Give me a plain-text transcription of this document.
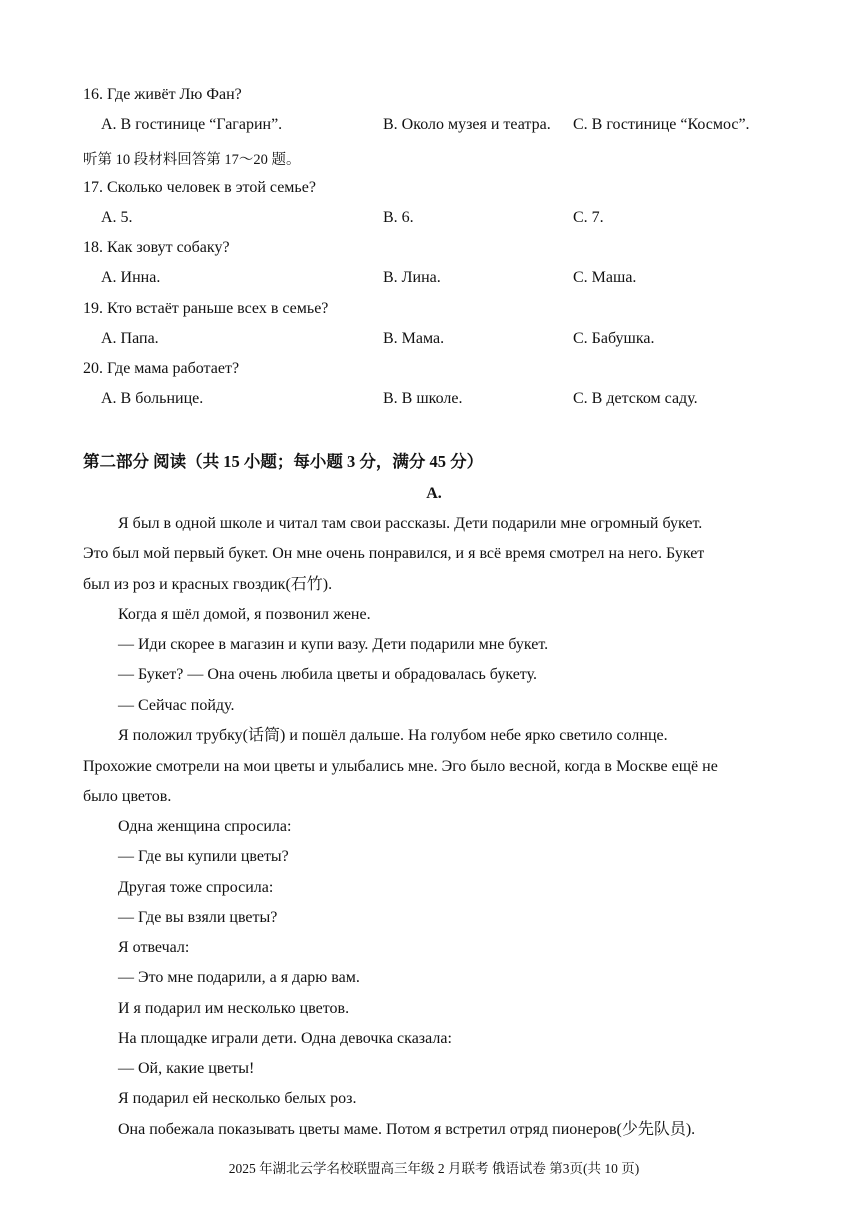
16. Где живёт Лю Фан?
A. В гостинице “Гагарин”.	B. Около музея и театра. C. В гостинице “Космос”.
听第 10 段材料回答第 17～20 题。
17. Сколько человек в этой семье?
A. 5.	B. 6.	C. 7.
18. Как зовут собаку?
A. Инна.	B. Лина.	C. Маша.
19. Кто встаёт раньше всех в семье?
A. Папа.	B. Мама.	C. Бабушка.
20. Где мама работает?
A. В больнице.	B. В школе.	C. В детском саду.
第二部分 阅读（共 15 小题；每小题 3 分，满分 45 分）
A.
Я был в одной школе и читал там свои рассказы. Дети подарили мне огромный букет.
Это был мой первый букет. Он мне очень понравился, и я всё время смотрел на него. Букет
был из роз и красных гвоздик(石竹).
Когда я шёл домой, я позвонил жене.
— Иди скорее в магазин и купи вазу. Дети подарили мне букет.
— Букет? — Она очень любила цветы и обрадовалась букету.
— Сейчас пойду.
Я положил трубку(话筒) и пошёл дальше. На голубом небе ярко светило солнце.
Прохожие смотрели на мои цветы и улыбались мне. Эго было весной, когда в Москве ещё не
было цветов.
Одна женщина спросила:
— Где вы купили цветы?
Другая тоже спросила:
— Где вы взяли цветы?
Я отвечал:
— Это мне подарили, а я дарю вам.
И я подарил им несколько цветов.
На площадке играли дети. Одна девочка сказала:
— Ой, какие цветы!
Я подарил ей несколько белых роз.
Она побежала показывать цветы маме. Потом я встретил отряд пионеров(少先队员).
2025 年湖北云学名校联盟高三年级 2 月联考 俄语试卷 第3页(共 10 页)
